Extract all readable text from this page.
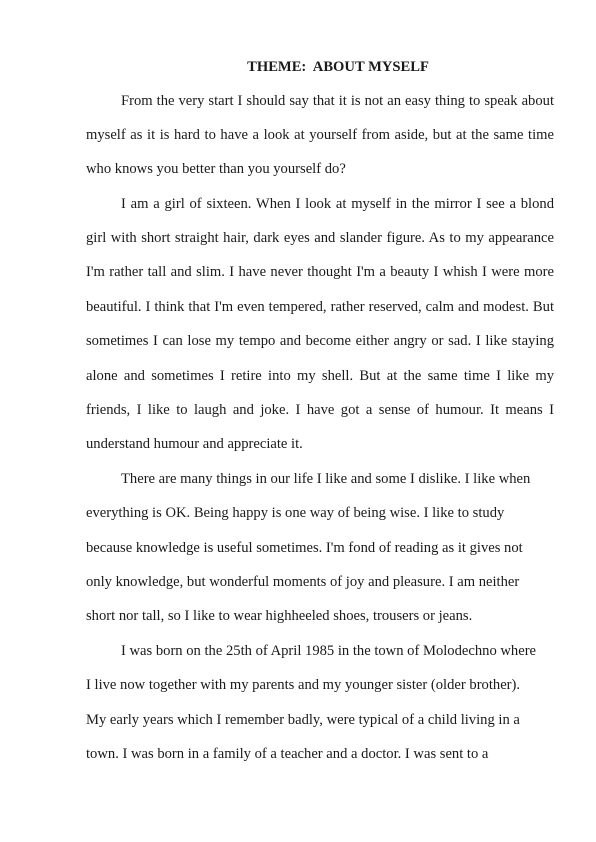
THEME:  ABOUT MYSELF
From the very start I should say that it is not an easy thing to speak about
myself as it is hard to have a look at yourself from aside, but at the same time
who knows you better than you yourself do?
I am a girl of sixteen. When I look at myself in the mirror I see a blond
girl with short straight hair, dark eyes and slander figure. As to my appearance
I'm rather tall and slim. I have never thought I'm a beauty I whish I were more
beautiful. I think that I'm even tempered, rather reserved, calm and modest. But
sometimes I can lose my tempo and become either angry or sad. I like staying
alone and sometimes I retire into my shell. But at the same time I like my
friends, I like to laugh and joke. I have got a sense of humour. It means I
understand humour and appreciate it.
There are many things in our life I like and some I dislike. I like when
everything is OK. Being happy is one way of being wise. I like to study
because knowledge is useful sometimes. I'm fond of reading as it gives not
only knowledge, but wonderful moments of joy and pleasure. I am neither
short nor tall, so I like to wear highheeled shoes, trousers or jeans.
I was born on the 25th of April 1985 in the town of Molodechno where
I live now together with my parents and my younger sister (older brother).
My early years which I remember badly, were typical of a child living in a
town. I was born in a family of a teacher and a doctor. I was sent to a
